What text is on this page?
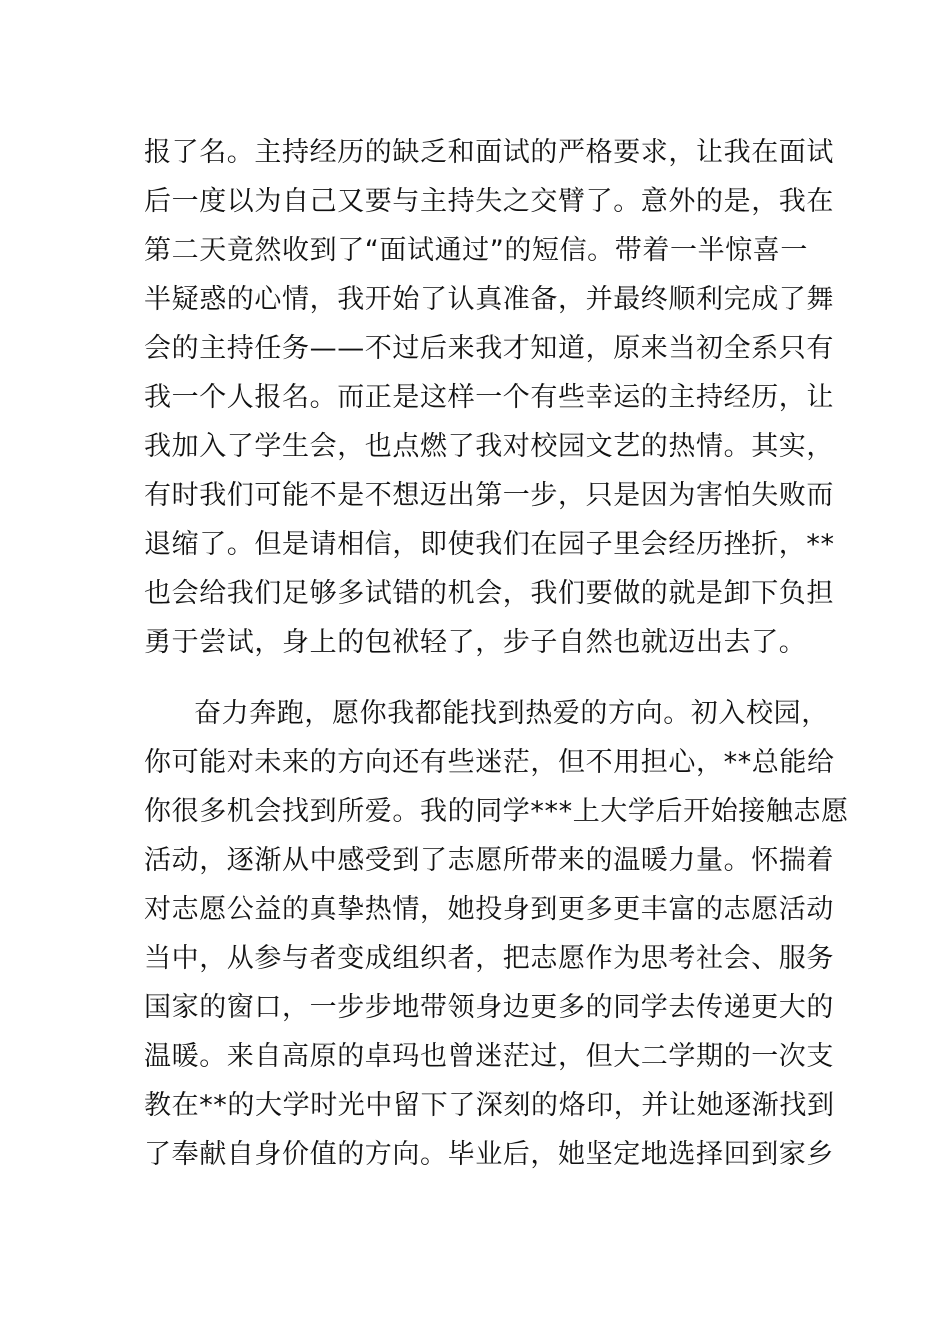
报了名。主持经历的缺乏和面试的严格要求，让我在面试
后一度以为自己又要与主持失之交臂了。意外的是，我在
第二天竟然收到了“面试通过”的短信。带着一半惊喜一
半疑惑的心情，我开始了认真准备，并最终顺利完成了舞
会的主持任务——不过后来我才知道，原来当初全系只有
我一个人报名。而正是这样一个有些幸运的主持经历，让
我加入了学生会，也点燃了我对校园文艺的热情。其实，
有时我们可能不是不想迈出第一步，只是因为害怕失败而
退缩了。但是请相信，即使我们在园子里会经历挫折，**
也会给我们足够多试错的机会，我们要做的就是卸下负担
勇于尝试，身上的包袱轻了，步子自然也就迈出去了。
奋力奔跑，愿你我都能找到热爱的方向。初入校园，
你可能对未来的方向还有些迷茫，但不用担心，**总能给
你很多机会找到所爱。我的同学***上大学后开始接触志愿
活动，逐渐从中感受到了志愿所带来的温暖力量。怀揣着
对志愿公益的真挚热情，她投身到更多更丰富的志愿活动
当中，从参与者变成组织者，把志愿作为思考社会、服务
国家的窗口，一步步地带领身边更多的同学去传递更大的
温暖。来自高原的卓玛也曾迷茫过，但大二学期的一次支
教在**的大学时光中留下了深刻的烙印，并让她逐渐找到
了奉献自身价值的方向。毕业后，她坚定地选择回到家乡
